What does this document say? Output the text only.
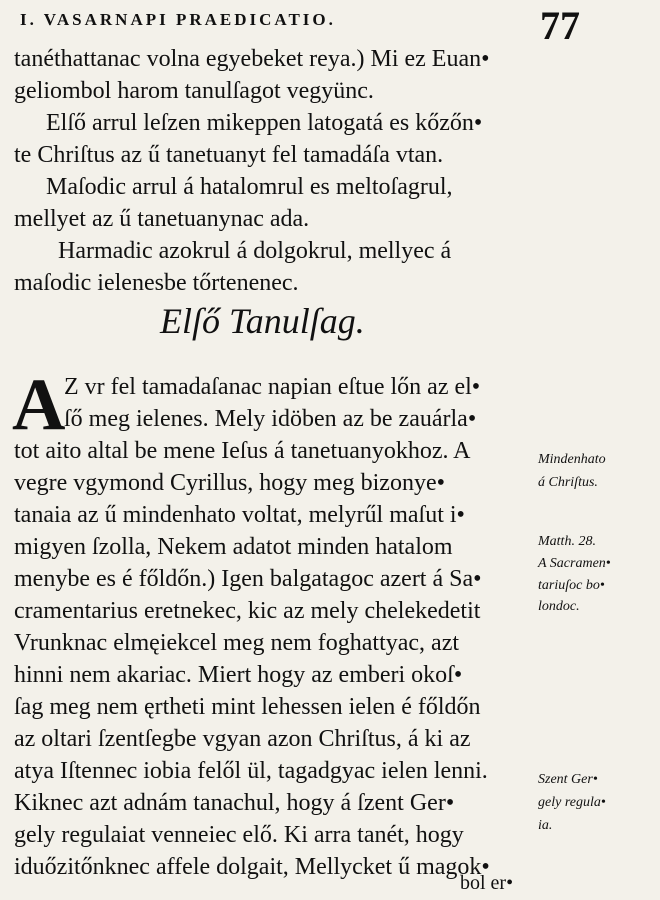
I. VASARNAPI PRAEDICATIO.	77
tanéthattanac volna egyebeket reya.) Mi ez Euan•
geliombol harom tanulſagot vegyünc.
Elſő arrul leſzen mikeppen latogatá es kőzőn•
te Chriſtus az ű tanetuanyt fel tamadáſa vtan.
Maſodic arrul á hatalomrul es meltoſagrul,
mellyet az ű tanetuanynac ada.
Harmadic azokrul á dolgokrul, mellyec á
maſodic ielenesbe tőrtenenec.
Elſő Tanulſag.
A
Z vr fel tamadaſanac napian eſtue lőn az el•
ſő meg ielenes. Mely idöben az be zauárla•
tot aito altal be mene Ieſus á tanetuanyokhoz. A
vegre vgymond Cyrillus, hogy meg bizonye•
tanaia az ű mindenhato voltat, melyrűl maſut i•
migyen ſzolla, Nekem adatot minden hatalom
menybe es é főldőn.) Igen balgatagoc azert á Sa•
cramentarius eretnekec, kic az mely chelekedetit
Vrunknac elmęiekcel meg nem foghattyac, azt
hinni nem akariac. Miert hogy az emberi okoſ•
ſag meg nem ęrtheti mint lehessen ielen é főldőn
az oltari ſzentſegbe vgyan azon Chriſtus, á ki az
atya Iſtennec iobia felől ül, tagadgyac ielen lenni.
Kiknec azt adnám tanachul, hogy á ſzent Ger•
gely regulaiat venneiec elő. Ki arra tanét, hogy
iduőzitőnknec affele dolgait, Mellycket ű magok•
bol er•
Mindenhato
á Chriſtus.
Matth. 28.
A Sacramen•
tariuſoc bo•
londoc.
Szent Ger•
gely regula•
ia.
